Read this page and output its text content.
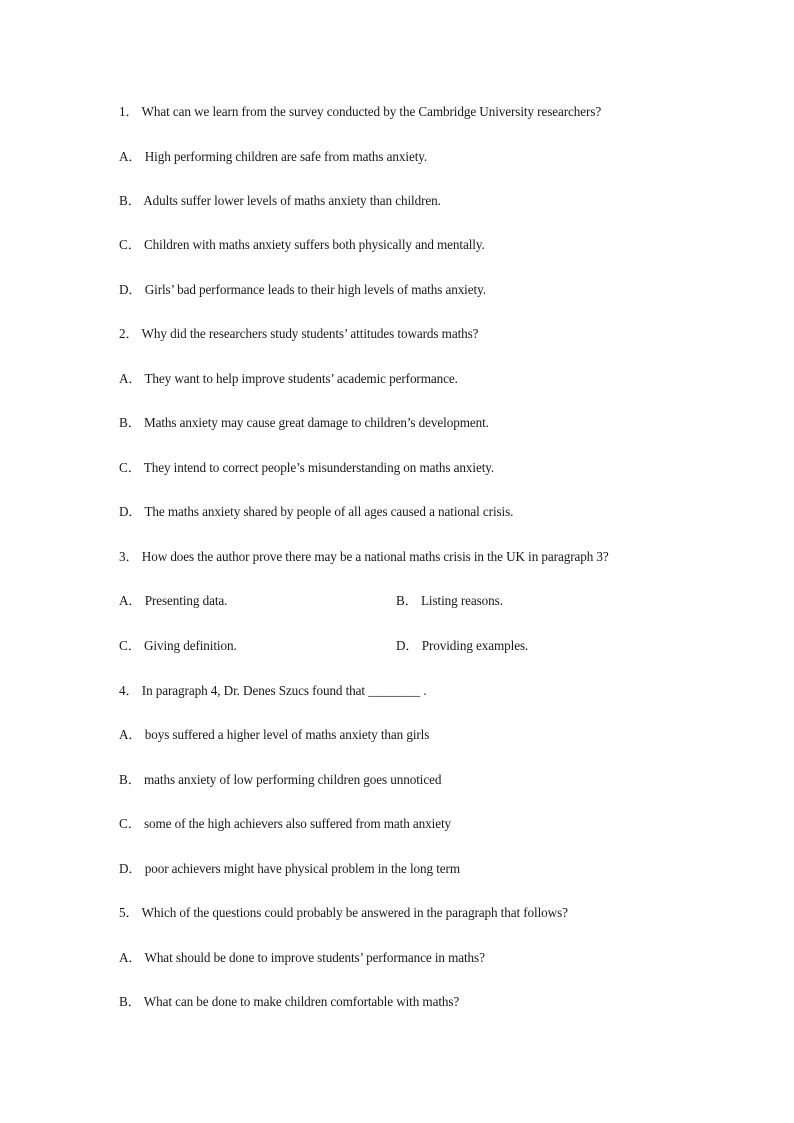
1． What can we learn from the survey conducted by the Cambridge University researchers?
A． High performing children are safe from maths anxiety.
B． Adults suffer lower levels of maths anxiety than children.
C． Children with maths anxiety suffers both physically and mentally.
D． Girls’ bad performance leads to their high levels of maths anxiety.
2． Why did the researchers study students’ attitudes towards maths?
A． They want to help improve students’ academic performance.
B． Maths anxiety may cause great damage to children’s development.
C． They intend to correct people’s misunderstanding on maths anxiety.
D． The maths anxiety shared by people of all ages caused a national crisis.
3． How does the author prove there may be a national maths crisis in the UK in paragraph 3?
A． Presenting data.	B． Listing reasons.
C． Giving definition.	D． Providing examples.
4． In paragraph 4, Dr. Denes Szucs found that ________ .
A． boys suffered a higher level of maths anxiety than girls
B． maths anxiety of low performing children goes unnoticed
C． some of the high achievers also suffered from math anxiety
D． poor achievers might have physical problem in the long term
5． Which of the questions could probably be answered in the paragraph that follows?
A． What should be done to improve students’ performance in maths?
B． What can be done to make children comfortable with maths?
